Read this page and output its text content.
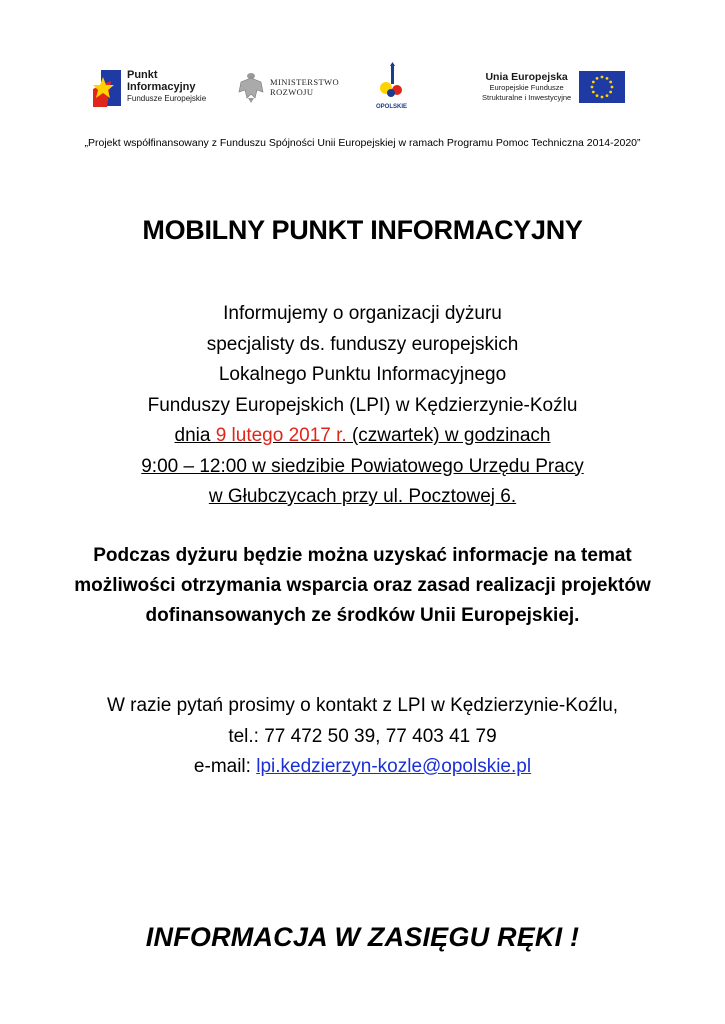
Punkt
Informacyjny
Fundusze Europejskie
MINISTERSTWO
ROZWOJU
OPOLSKIE
Unia Europejska
Europejskie Fundusze
Strukturalne i Inwestycyjne
„Projekt współfinansowany z Funduszu Spójności Unii Europejskiej w ramach Programu Pomoc Techniczna 2014-2020”
MOBILNY PUNKT INFORMACYJNY
Informujemy o organizacji dyżuru
specjalisty ds. funduszy europejskich
Lokalnego Punktu Informacyjnego
Funduszy Europejskich (LPI) w Kędzierzynie-Koźlu
dnia 9 lutego 2017 r. (czwartek) w godzinach
9:00 – 12:00 w siedzibie Powiatowego Urzędu Pracy
w Głubczycach przy ul. Pocztowej 6.
Podczas dyżuru będzie można uzyskać informacje na temat
możliwości otrzymania wsparcia oraz zasad realizacji projektów
dofinansowanych ze środków Unii Europejskiej.
W razie pytań prosimy o kontakt z LPI w Kędzierzynie-Koźlu,
tel.: 77 472 50 39, 77 403 41 79
e-mail: lpi.kedzierzyn-kozle@opolskie.pl
INFORMACJA W ZASIĘGU RĘKI !
